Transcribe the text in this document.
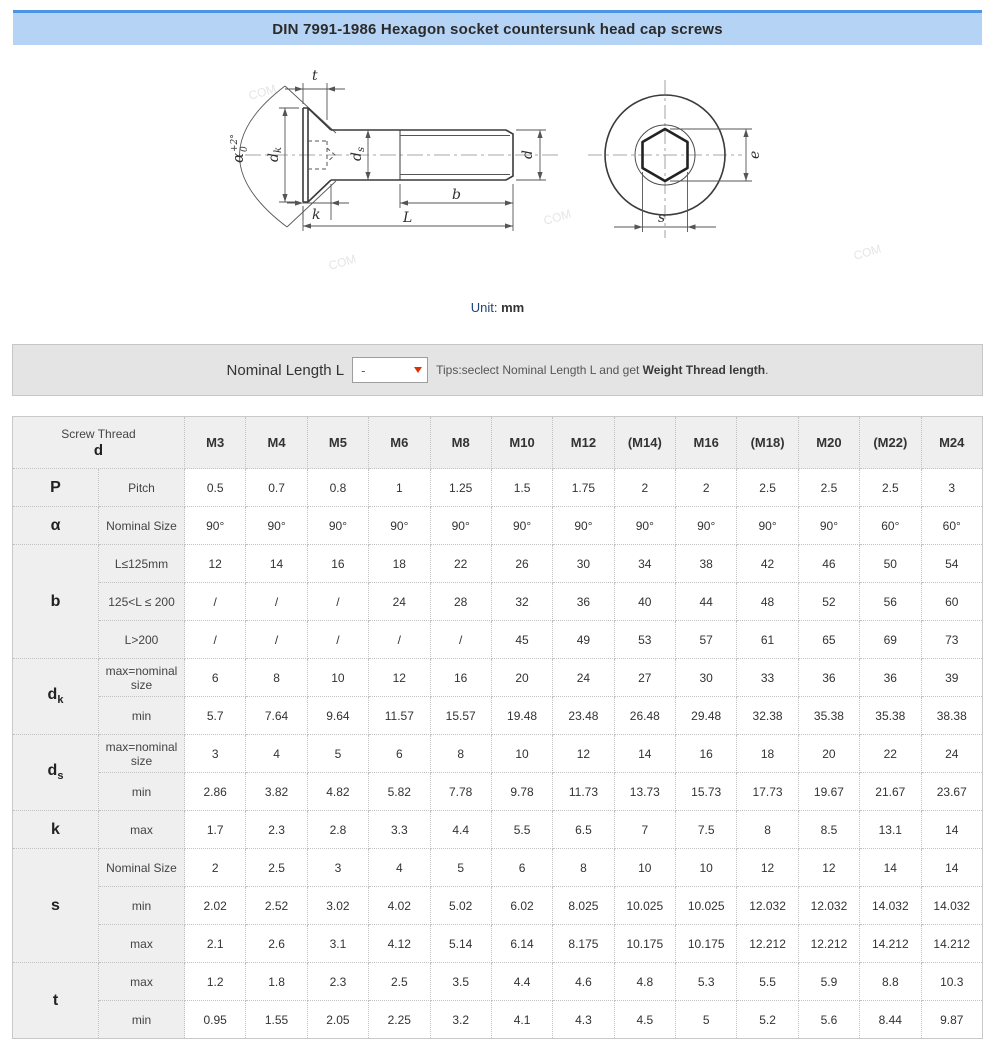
DIN 7991-1986 Hexagon socket countersunk head cap screws
COM
COM
COM
COM
α
+2° 0
t
$d_k$
$d_s$
d
k
b
L
e
s
Unit: mm
Nominal Length L
-	Tips:seclect Nominal Length L and get Weight Thread length.
Screw Thread
d		M3	M4	M5	M6	M8	M10	M12	(M14)	M16	(M18)	M20	(M22)	M24
P	Pitch	0.5	0.7	0.8	1	1.25	1.5	1.75	2	2	2.5	2.5	2.5	3
α	Nominal Size	90°	90°	90°	90°	90°	90°	90°	90°	90°	90°	90°	60°	60°
b	L≤125mm	12	14	16	18	22	26	30	34	38	42	46	50	54
	125<L ≤ 200	/	/	/	24	28	32	36	40	44	48	52	56	60
	L>200	/	/	/	/	/	45	49	53	57	61	65	69	73
$d_k$	max=nominal size	6	8	10	12	16	20	24	27	30	33	36	36	39
	min	5.7	7.64	9.64	11.57	15.57	19.48	23.48	26.48	29.48	32.38	35.38	35.38	38.38
$d_s$	max=nominal size	3	4	5	6	8	10	12	14	16	18	20	22	24
	min	2.86	3.82	4.82	5.82	7.78	9.78	11.73	13.73	15.73	17.73	19.67	21.67	23.67
k	max	1.7	2.3	2.8	3.3	4.4	5.5	6.5	7	7.5	8	8.5	13.1	14
s	Nominal Size	2	2.5	3	4	5	6	8	10	10	12	12	14	14
	min	2.02	2.52	3.02	4.02	5.02	6.02	8.025	10.025	10.025	12.032	12.032	14.032	14.032
	max	2.1	2.6	3.1	4.12	5.14	6.14	8.175	10.175	10.175	12.212	12.212	14.212	14.212
t	max	1.2	1.8	2.3	2.5	3.5	4.4	4.6	4.8	5.3	5.5	5.9	8.8	10.3
	min	0.95	1.55	2.05	2.25	3.2	4.1	4.3	4.5	5	5.2	5.6	8.44	9.87
